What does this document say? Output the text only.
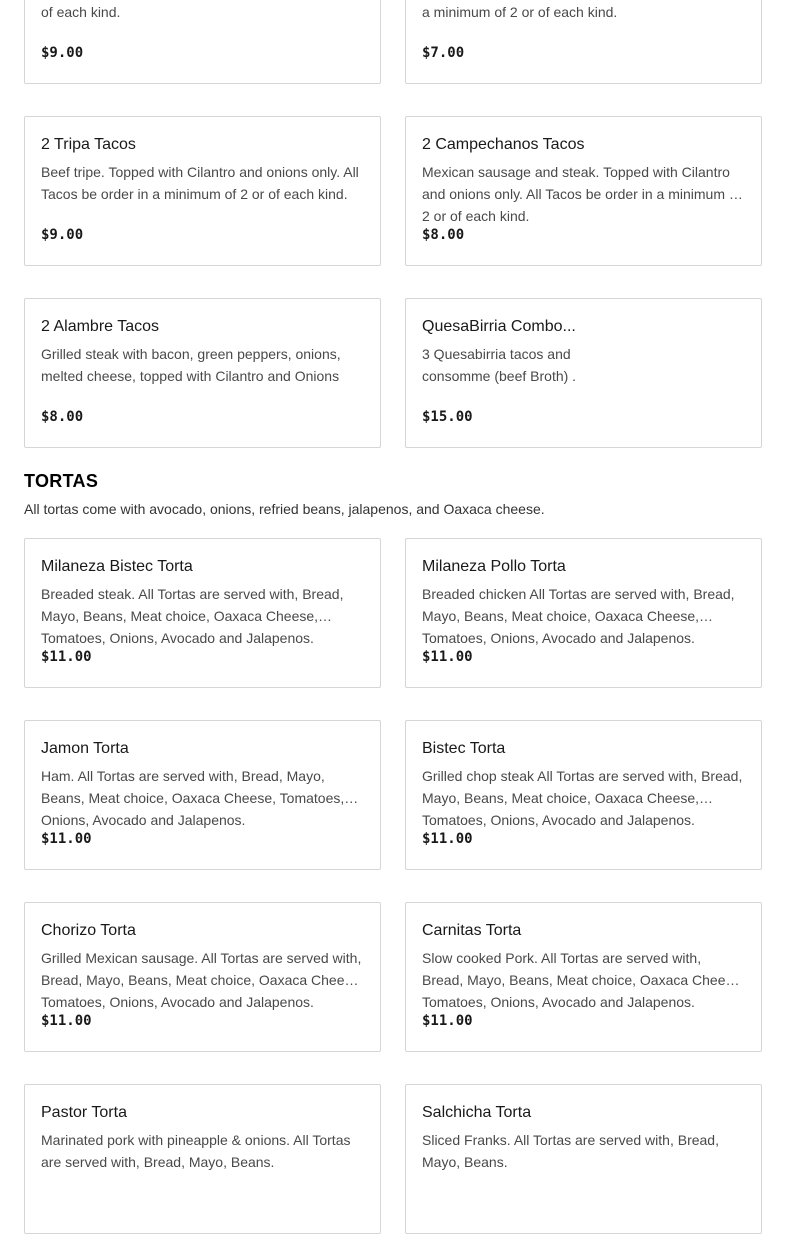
of each kind.
$9.00
a minimum of 2 or of each kind.
$7.00
2 Tripa Tacos
Beef tripe. Topped with Cilantro and onions only. All Tacos be order in a minimum of 2 or of each kind.
$9.00
2 Campechanos Tacos
Mexican sausage and steak. Topped with Cilantro and onions only. All Tacos be order in a minimum of 2 or of each kind.
$8.00
2 Alambre Tacos
Grilled steak with bacon, green peppers, onions, melted cheese, topped with Cilantro and Onions
$8.00
QuesaBirria Combo...
3 Quesabirria tacos and
consomme (beef Broth) .
$15.00
TORTAS
All tortas come with avocado, onions, refried beans, jalapenos, and Oaxaca cheese.
Milaneza Bistec Torta
Breaded steak. All Tortas are served with, Bread, Mayo, Beans, Meat choice, Oaxaca Cheese, Tomatoes, Onions, Avocado and Jalapenos.
$11.00
Milaneza Pollo Torta
Breaded chicken All Tortas are served with, Bread, Mayo, Beans, Meat choice, Oaxaca Cheese, Tomatoes, Onions, Avocado and Jalapenos.
$11.00
Jamon Torta
Ham. All Tortas are served with, Bread, Mayo, Beans, Meat choice, Oaxaca Cheese, Tomatoes, Onions, Avocado and Jalapenos.
$11.00
Bistec Torta
Grilled chop steak All Tortas are served with, Bread, Mayo, Beans, Meat choice, Oaxaca Cheese, Tomatoes, Onions, Avocado and Jalapenos.
$11.00
Chorizo Torta
Grilled Mexican sausage. All Tortas are served with, Bread, Mayo, Beans, Meat choice, Oaxaca Cheese, Tomatoes, Onions, Avocado and Jalapenos.
$11.00
Carnitas Torta
Slow cooked Pork. All Tortas are served with, Bread, Mayo, Beans, Meat choice, Oaxaca Cheese, Tomatoes, Onions, Avocado and Jalapenos.
$11.00
Pastor Torta
Marinated pork with pineapple & onions. All Tortas are served with, Bread, Mayo, Beans.
Salchicha Torta
Sliced Franks. All Tortas are served with, Bread, Mayo, Beans.
